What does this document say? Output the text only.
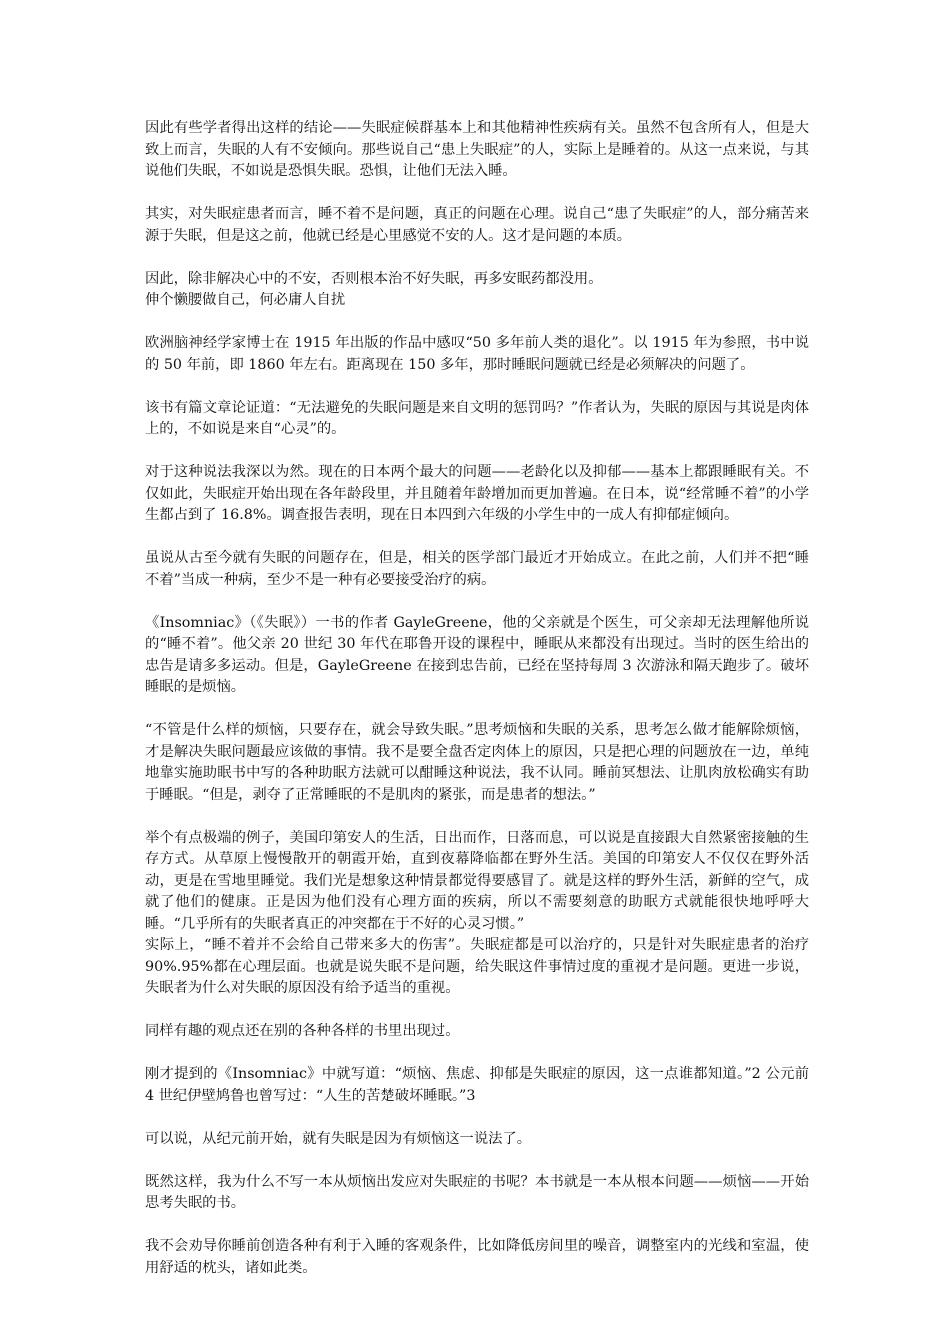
因此有些学者得出这样的结论——失眠症候群基本上和其他精神性疾病有关。虽然不包含所有人，但是大致上而言，失眠的人有不安倾向。那些说自己“患上失眠症”的人，实际上是睡着的。从这一点来说，与其说他们失眠，不如说是恐惧失眠。恐惧，让他们无法入睡。

其实，对失眠症患者而言，睡不着不是问题，真正的问题在心理。说自己“患了失眠症”的人，部分痛苦来源于失眠，但是这之前，他就已经是心里感觉不安的人。这才是问题的本质。

因此，除非解决心中的不安，否则根本治不好失眠，再多安眠药都没用。
伸个懒腰做自己，何必庸人自扰

欧洲脑神经学家博士在 1915 年出版的作品中感叹“50 多年前人类的退化”。以 1915 年为参照，书中说的 50 年前，即 1860 年左右。距离现在 150 多年，那时睡眠问题就已经是必须解决的问题了。

该书有篇文章论证道：“无法避免的失眠问题是来自文明的惩罚吗？”作者认为，失眠的原因与其说是肉体上的，不如说是来自“心灵”的。

对于这种说法我深以为然。现在的日本两个最大的问题——老龄化以及抑郁——基本上都跟睡眠有关。不仅如此，失眠症开始出现在各年龄段里，并且随着年龄增加而更加普遍。在日本，说“经常睡不着”的小学生都占到了 16.8%。调查报告表明，现在日本四到六年级的小学生中的一成人有抑郁症倾向。

虽说从古至今就有失眠的问题存在，但是，相关的医学部门最近才开始成立。在此之前，人们并不把“睡不着”当成一种病，至少不是一种有必要接受治疗的病。

《Insomniac》（《失眠》）一书的作者 GayleGreene，他的父亲就是个医生，可父亲却无法理解他所说的“睡不着”。他父亲 20 世纪 30 年代在耶鲁开设的课程中，睡眠从来都没有出现过。当时的医生给出的忠告是请多多运动。但是，GayleGreene 在接到忠告前，已经在坚持每周 3 次游泳和隔天跑步了。破坏睡眠的是烦恼。

“不管是什么样的烦恼，只要存在，就会导致失眠。”思考烦恼和失眠的关系，思考怎么做才能解除烦恼，才是解决失眠问题最应该做的事情。我不是要全盘否定肉体上的原因，只是把心理的问题放在一边，单纯地靠实施助眠书中写的各种助眠方法就可以酣睡这种说法，我不认同。睡前冥想法、让肌肉放松确实有助于睡眠。“但是，剥夺了正常睡眠的不是肌肉的紧张，而是患者的想法。”

举个有点极端的例子，美国印第安人的生活，日出而作，日落而息，可以说是直接跟大自然紧密接触的生存方式。从草原上慢慢散开的朝霞开始，直到夜幕降临都在野外生活。美国的印第安人不仅仅在野外活动，更是在雪地里睡觉。我们光是想象这种情景都觉得要感冒了。就是这样的野外生活，新鲜的空气，成就了他们的健康。正是因为他们没有心理方面的疾病，所以不需要刻意的助眠方式就能很快地呼呼大睡。“几乎所有的失眠者真正的冲突都在于不好的心灵习惯。”

实际上，“睡不着并不会给自己带来多大的伤害”。失眠症都是可以治疗的，只是针对失眠症患者的治疗 90%.95%都在心理层面。也就是说失眠不是问题，给失眠这件事情过度的重视才是问题。更进一步说，失眠者为什么对失眠的原因没有给予适当的重视。

同样有趣的观点还在别的各种各样的书里出现过。

刚才提到的《Insomniac》中就写道：“烦恼、焦虑、抑郁是失眠症的原因，这一点谁都知道。”2 公元前 4 世纪伊壁鸠鲁也曾写过：“人生的苦楚破坏睡眠。”3

可以说，从纪元前开始，就有失眠是因为有烦恼这一说法了。

既然这样，我为什么不写一本从烦恼出发应对失眠症的书呢？本书就是一本从根本问题——烦恼——开始思考失眠的书。

我不会劝导你睡前创造各种有利于入睡的客观条件，比如降低房间里的噪音，调整室内的光线和室温，使用舒适的枕头，诸如此类。
